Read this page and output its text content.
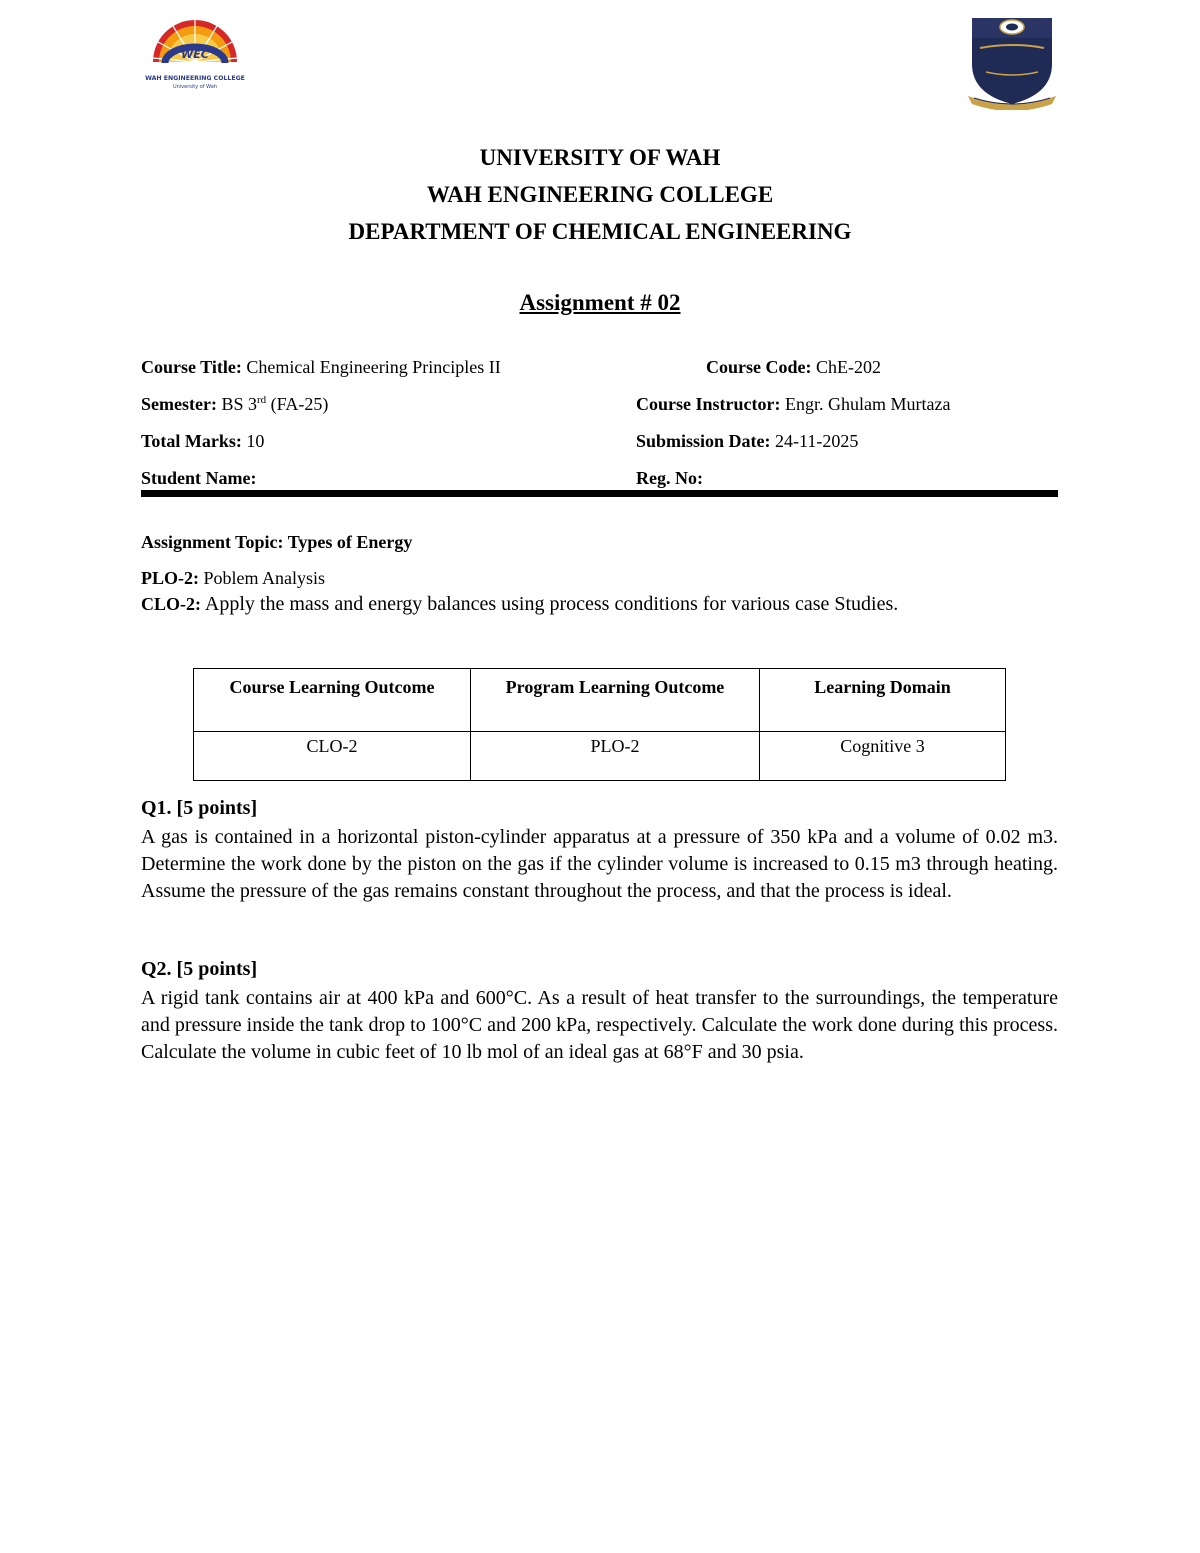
WEC
WAH ENGINEERING COLLEGE
University of Wah
UNIVERSITY OF WAH
WAH ENGINEERING COLLEGE
DEPARTMENT OF CHEMICAL ENGINEERING
Assignment # 02
Course Title: Chemical Engineering Principles II	Course Code: ChE-202
Semester: BS 3rd (FA-25)	Course Instructor: Engr. Ghulam Murtaza
Total Marks: 10	Submission Date: 24-11-2025
Student Name:	Reg. No:
Assignment Topic: Types of Energy
PLO-2: Poblem Analysis
CLO-2: Apply the mass and energy balances using process conditions for various case Studies.
Course Learning Outcome	Program Learning Outcome	Learning Domain
CLO-2	PLO-2	Cognitive 3
Q1. [5 points]
A gas is contained in a horizontal piston-cylinder apparatus at a pressure of 350 kPa and a volume of 0.02 m3. Determine the work done by the piston on the gas if the cylinder volume is increased to 0.15 m3 through heating. Assume the pressure of the gas remains constant throughout the process, and that the process is ideal.
Q2. [5 points]
A rigid tank contains air at 400 kPa and 600°C. As a result of heat transfer to the surroundings, the temperature and pressure inside the tank drop to 100°C and 200 kPa, respectively. Calculate the work done during this process. Calculate the volume in cubic feet of 10 lb mol of an ideal gas at 68°F and 30 psia.
